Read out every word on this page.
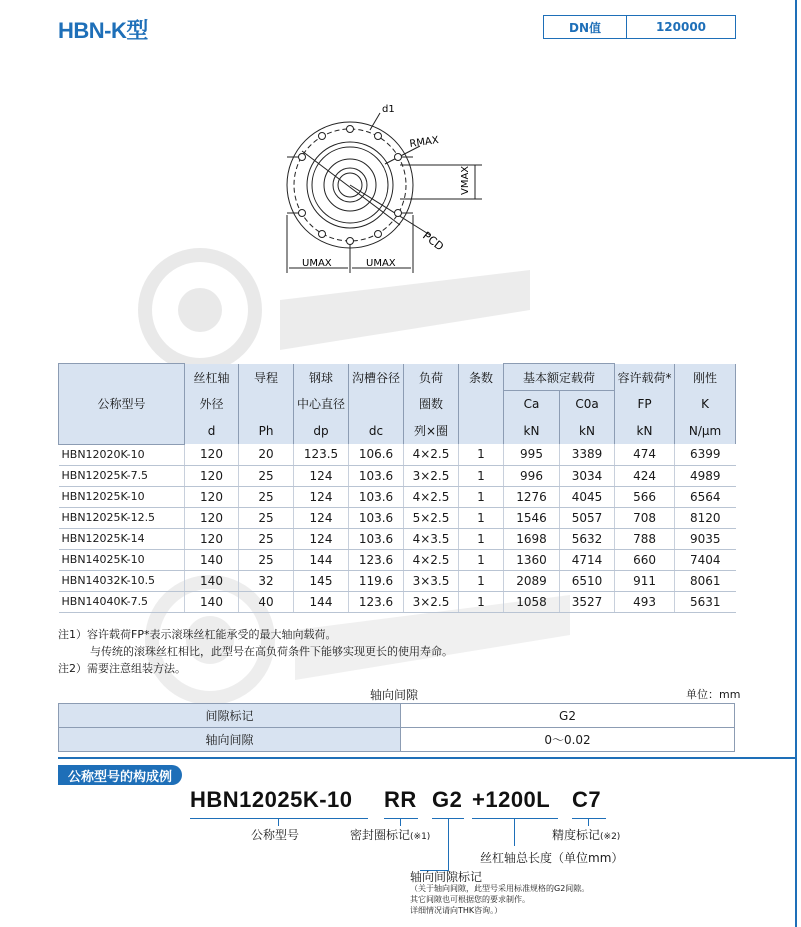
HBN-K型	DN值	120000
d1
RMAX
VMAX
PCD
UMAX	UMAX
公称型号	丝杠轴	导程	钢球	沟槽谷径	负荷	条数	基本额定载荷		容许载荷*	刚性
	外径		中心直径		圈数		Ca	C0a	FP	K
	d	Ph	dp	dc	列×圈		kN	kN	kN	N/μm
HBN12020K-10	120	20	123.5	106.6	4×2.5	1	995	3389	474	6399
HBN12025K-7.5	120	25	124	103.6	3×2.5	1	996	3034	424	4989
HBN12025K-10	120	25	124	103.6	4×2.5	1	1276	4045	566	6564
HBN12025K-12.5	120	25	124	103.6	5×2.5	1	1546	5057	708	8120
HBN12025K-14	120	25	124	103.6	4×3.5	1	1698	5632	788	9035
HBN14025K-10	140	25	144	123.6	4×2.5	1	1360	4714	660	7404
HBN14032K-10.5	140	32	145	119.6	3×3.5	1	2089	6510	911	8061
HBN14040K-7.5	140	40	144	123.6	3×2.5	1	1058	3527	493	5631
注1）容许载荷FP*表示滚珠丝杠能承受的最大轴向载荷。
与传统的滚珠丝杠相比，此型号在高负荷条件下能够实现更长的使用寿命。
注2）需要注意组装方法。
轴向间隙	单位：mm
间隙标记	G2
轴向间隙	0～0.02
公称型号的构成例
HBN12025K-10 RR G2 +1200L C7
公称型号	密封圈标记(※1)	精度标记(※2)
丝杠轴总长度（单位mm）
轴向间隙标记
（关于轴向间隙，此型号采用标准规格的G2间隙。
其它间隙也可根据您的要求制作。
详细情况请向THK咨询。）
